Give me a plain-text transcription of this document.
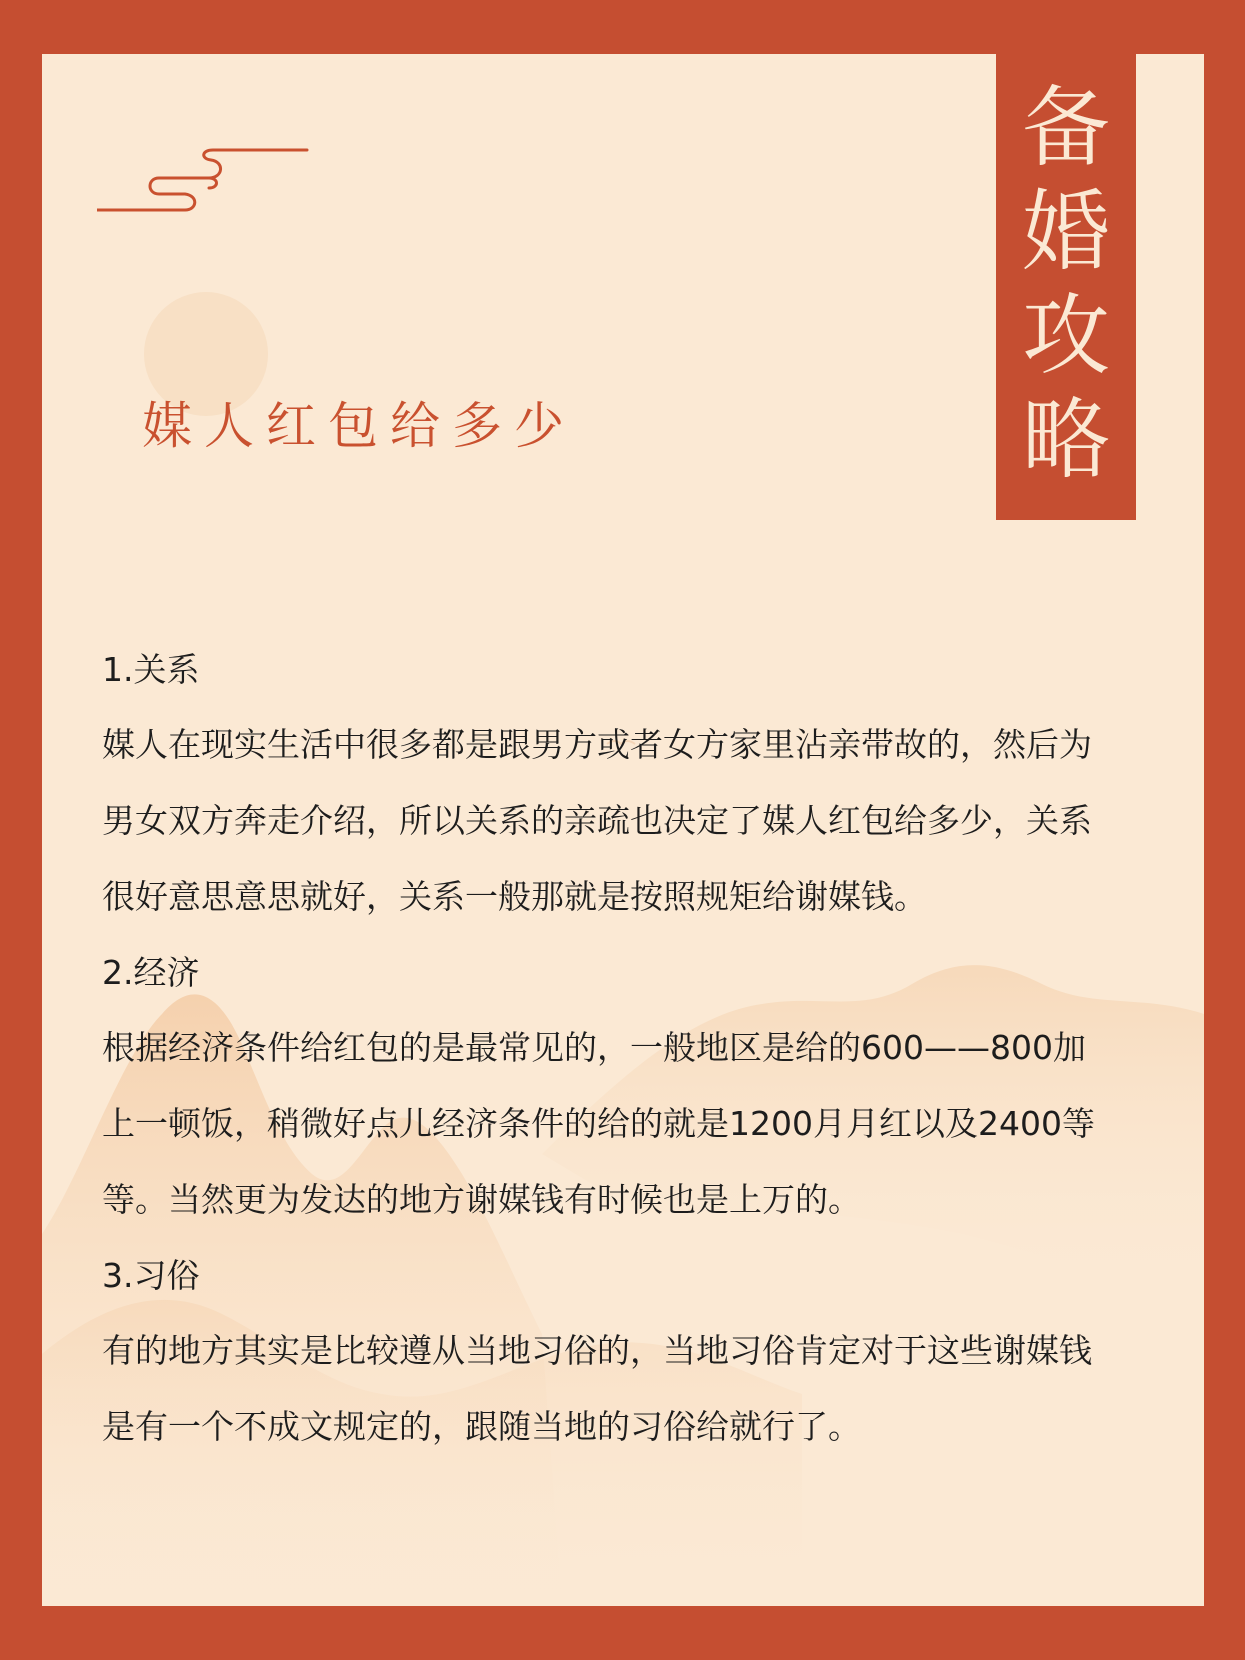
媒人红包给多少
备
婚
攻
略

1.关系

媒人在现实生活中很多都是跟男方或者女方家里沾亲带故的，然后为男女双方奔走介绍，所以关系的亲疏也决定了媒人红包给多少，关系很好意思意思就好，关系一般那就是按照规矩给谢媒钱。

2.经济

根据经济条件给红包的是最常见的，一般地区是给的600——800加上一顿饭，稍微好点儿经济条件的给的就是1200月月红以及2400等等。当然更为发达的地方谢媒钱有时候也是上万的。

3.习俗

有的地方其实是比较遵从当地习俗的，当地习俗肯定对于这些谢媒钱是有一个不成文规定的，跟随当地的习俗给就行了。
